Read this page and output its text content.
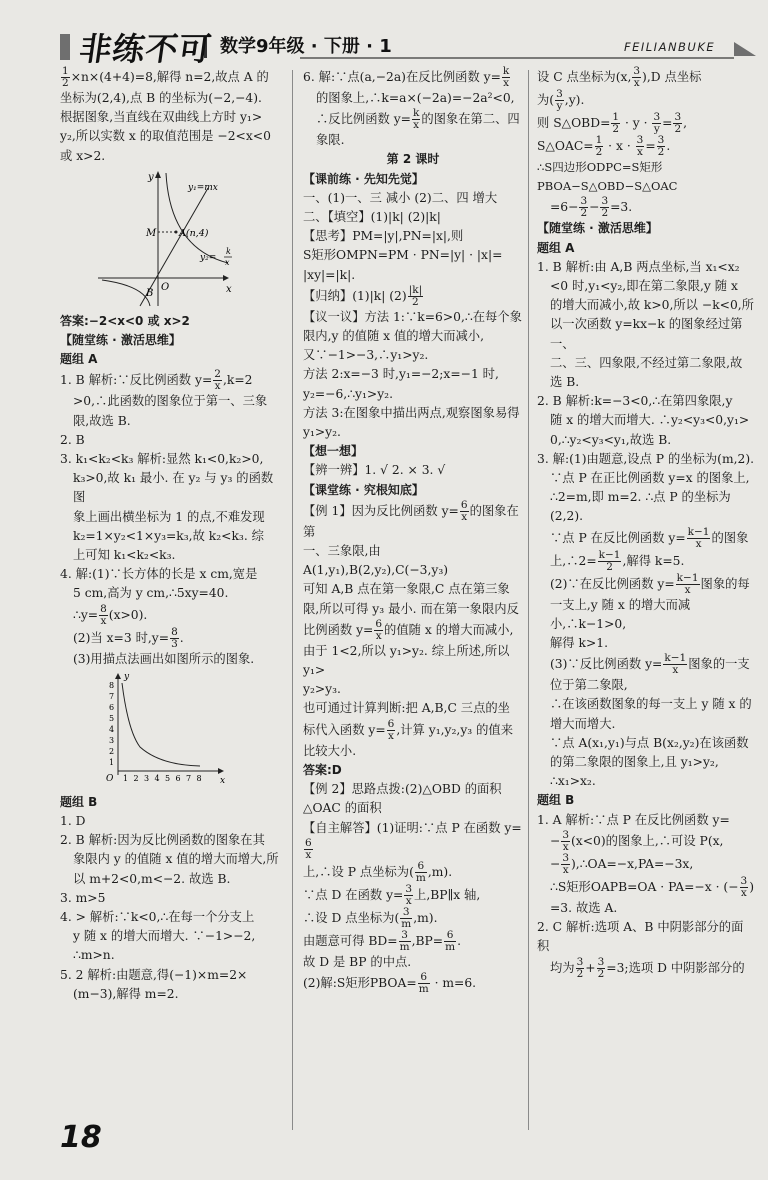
非练不可 数学9年级 · 下册 · 1	FEILIANBUKE

$\frac{1}{2} \times n\times(4+4)=8$,解得 n=2,故点 A 的

坐标为(2,4),点 B 的坐标为(−2,−4).

根据图象,当直线在双曲线上方时 y₁>

y₂,所以实数 x 的取值范围是 −2<x<0

或 x>2.

y
x
O
M A(n,4)
B
y₁=mx
y₂=
k
x

答案:−2<x<0 或 x>2

【随堂练 · 激活思维】

题组 A

1. B 解析:∵反比例函数 $y= \frac{2}{x} ,k=2$

>0,∴此函数的图象位于第一、三象

限,故选 B.

2. B

3. k₁<k₂<k₃ 解析:显然 k₁<0,k₂>0,

k₃>0,故 k₁ 最小. 在 y₂ 与 y₃ 的函数图

象上画出横坐标为 1 的点,不难发现

k₂=1×y₂<1×y₃=k₃,故 k₂<k₃. 综

上可知 k₁<k₂<k₃.

4. 解:(1)∵长方体的长是 x cm,宽是

5 cm,高为 y cm,∴5xy=40.

∴y= $\frac{8}{x} (x>0)$.

(2)当 x=3 时$,y= \frac{8}{3}$ .

(3)用描点法画出如图所示的图象.

8
7
6
5
4
3
2
1
1 2 3 4 5 6 7 8
y
x
O

题组 B

1. D

2. B 解析:因为反比例函数的图象在其

象限内 y 的值随 x 值的增大而增大,所

以 m+2<0,m<−2. 故选 B.

3. m>5

4. > 解析:∵k<0,∴在每一个分支上

y 随 x 的增大而增大. ∵−1>−2,

∴m>n.

5. 2 解析:由题意,得(−1)×m=2×

(m−3),解得 m=2.

6. 解:∵点(a,−2a)在反比例函数 $y= \frac{k}{x}$

的图象上,∴k=a×(−2a)=−2a²<0,

∴反比例函数 $y= \frac{k}{x}$ 的图象在第二、四

象限.

第 2 课时

【课前练 · 先知先觉】

一、(1)一、三 减小 (2)二、四 增大

二、【填空】(1)|k| (2)|k|

【思考】PM=|y|,PN=|x|,则

S矩形OMPN=PM · PN=|y| · |x|=

|xy|=|k|.

【归纳】(1)|k| $(2) \frac{|k|}{2}$

【议一议】方法 1:∵k=6>0,∴在每个象

限内,y 的值随 x 值的增大而减小,

又∵−1>−3,∴y₁>y₂.

方法 2:x=−3 时,y₁=−2;x=−1 时,

y₂=−6,∴y₁>y₂.

方法 3:在图象中描出两点,观察图象易得

y₁>y₂.

【想一想】

【辨一辨】1. √ 2. × 3. √

【课堂练 · 究根知底】

【例 1】因为反比例函数 $y= \frac{6}{x}$ 的图象在第

一、三象限,由 A(1,y₁),B(2,y₂),C(−3,y₃)

可知 A,B 点在第一象限,C 点在第三象

限,所以可得 y₃ 最小. 而在第一象限内反

比例函数 $y= \frac{6}{x}$ 的值随 x 的增大而减小,

由于 1<2,所以 y₁>y₂. 综上所述,所以 y₁>

y₂>y₃.

也可通过计算判断:把 A,B,C 三点的坐

标代入函数 $y= \frac{6}{x}$ ,计算 y₁,y₂,y₃ 的值来

比较大小.

答案:D

【例 2】思路点拨:(2)△OBD 的面积

△OAC 的面积

【自主解答】(1)证明:∵点 P 在函数 y=
$\frac{6}{x}$

上,∴设 P 点坐标为( $\frac{6}{m} ,m$).

∵点 D 在函数 $y= \frac{3}{x}$ 上,BP∥x 轴,

∴设 D 点坐标为( $\frac{3}{m} ,m$).

由题意可得 $BD= \frac{3}{m} ,BP= \frac{6}{m}$ .

故 D 是 BP 的中点.

(2)解:S矩形PBOA= $\frac{6}{m} \cdot m=6$.

设 C 点坐标为(x, $\frac{3}{x} ),D$ 点坐标

为( $\frac{3}{y} ,y$).

则 S△OBD= $\frac{1}{2} \cdot y \cdot \frac{3}{y} = \frac{3}{2}$ ,

S△OAC= $\frac{1}{2} \cdot x \cdot \frac{3}{x} = \frac{3}{2}$ .

∴S四边形ODPC=S矩形PBOA−S△OBD−S△OAC

$=6- \frac{3}{2} - \frac{3}{2} =3$.

【随堂练 · 激活思维】

题组 A

1. B 解析:由 A,B 两点坐标,当 x₁<x₂

<0 时,y₁<y₂,即在第二象限,y 随 x

的增大而减小,故 k>0,所以 −k<0,所

以一次函数 y=kx−k 的图象经过第一、

二、三、四象限,不经过第二象限,故

选 B.

2. B 解析:k=−3<0,∴在第四象限,y

随 x 的增大而增大. ∴y₂<y₃<0,y₁>

0,∴y₂<y₃<y₁,故选 B.

3. 解:(1)由题意,设点 P 的坐标为(m,2).

∵点 P 在正比例函数 y=x 的图象上,

∴2=m,即 m=2. ∴点 P 的坐标为(2,2).

∵点 P 在反比例函数 $y= \frac{k-1}{x}$ 的图象

上,∴2= $\frac{k-1}{2}$ ,解得 k=5.

(2)∵在反比例函数 $y= \frac{k-1}{x}$ 图象的每

一支上,y 随 x 的增大而减小,∴k−1>0,

解得 k>1.

(3)∵反比例函数 $y= \frac{k-1}{x}$ 图象的一支

位于第二象限,

∴在该函数图象的每一支上 y 随 x 的

增大而增大.

∵点 A(x₁,y₁)与点 B(x₂,y₂)在该函数

的第二象限的图象上,且 y₁>y₂,

∴x₁>x₂.

题组 B

1. A 解析:∵点 P 在反比例函数 y=

− $\frac{3}{x} (x<0)$的图象上,∴可设 P(x,

− $\frac{3}{x}$ ),∴OA=−x,PA=−3x,

∴S矩形OAPB=OA · PA=−x · (− $\frac{3}{x}$ )

=3. 故选 A.

2. C 解析:选项 A、B 中阴影部分的面积

均为 $\frac{3}{2} + \frac{3}{2} =3$;选项 D 中阴影部分的

18
